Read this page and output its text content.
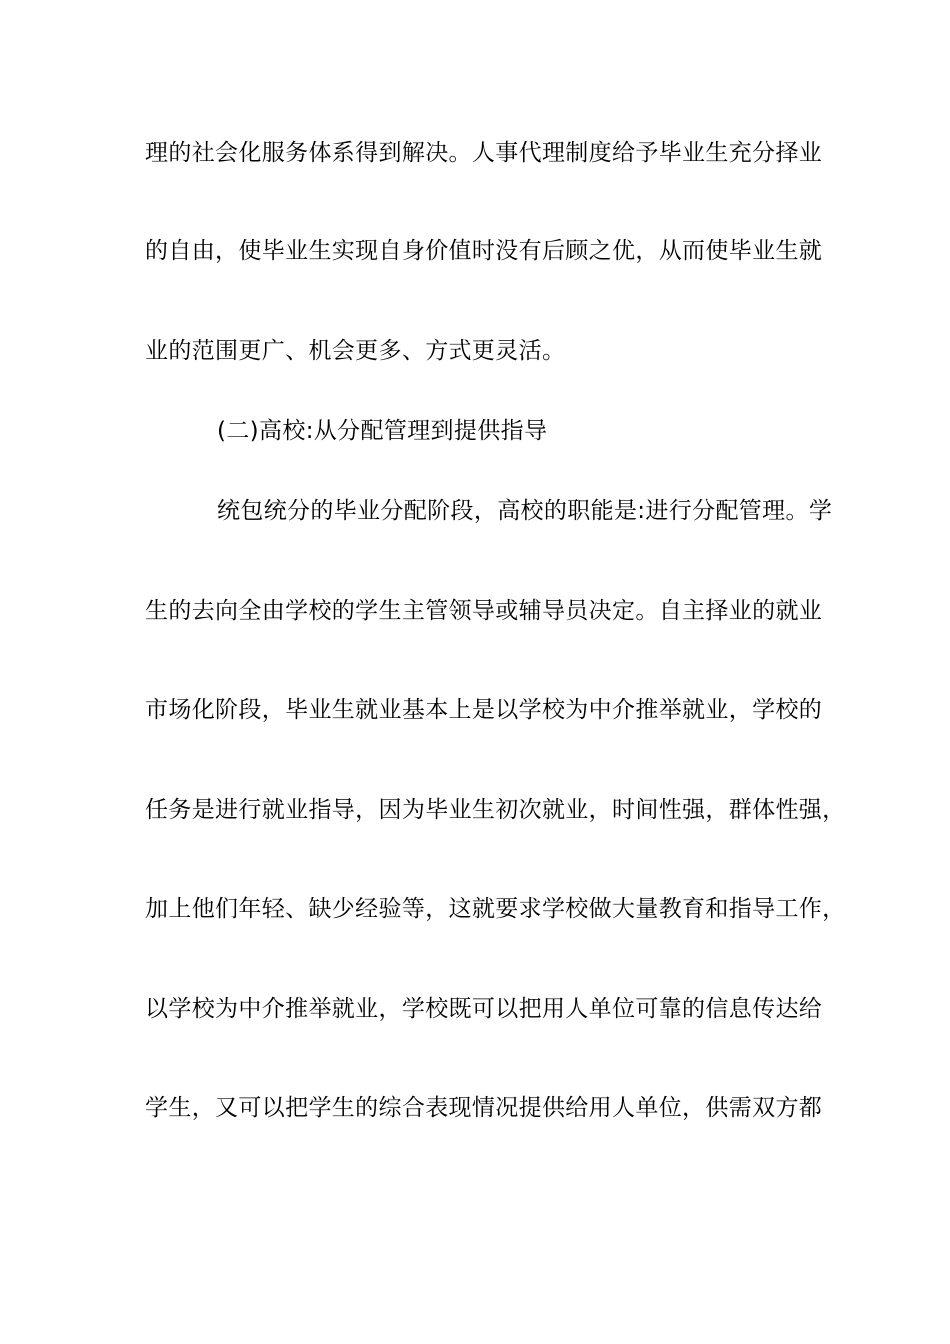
理的社会化服务体系得到解决。人事代理制度给予毕业生充分择业
的自由，使毕业生实现自身价值时没有后顾之优，从而使毕业生就
业的范围更广、机会更多、方式更灵活。
(二)高校:从分配管理到提供指导
统包统分的毕业分配阶段，高校的职能是:进行分配管理。学
生的去向全由学校的学生主管领导或辅导员决定。自主择业的就业
市场化阶段，毕业生就业基本上是以学校为中介推举就业，学校的
任务是进行就业指导，因为毕业生初次就业，时间性强，群体性强，
加上他们年轻、缺少经验等，这就要求学校做大量教育和指导工作，
以学校为中介推举就业，学校既可以把用人单位可靠的信息传达给
学生，又可以把学生的综合表现情况提供给用人单位，供需双方都
